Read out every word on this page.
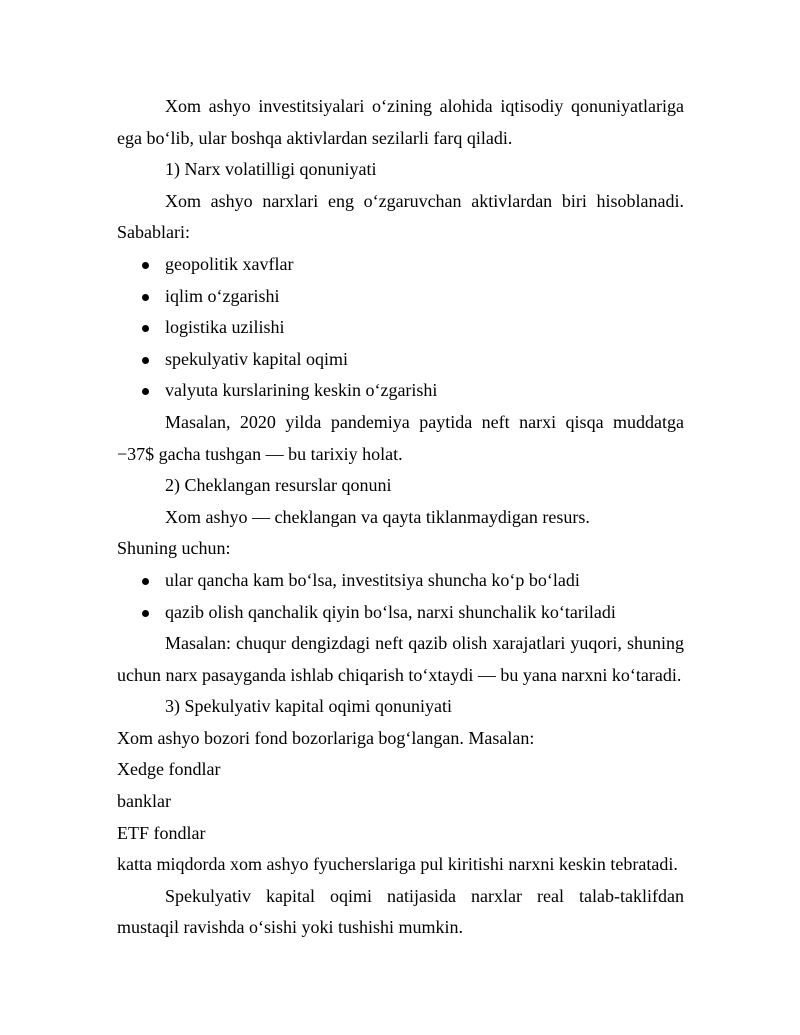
Xom ashyo investitsiyalari o‘zining alohida iqtisodiy qonuniyatlariga
ega bo‘lib, ular boshqa aktivlardan sezilarli farq qiladi.
1) Narx volatilligi qonuniyati
Xom ashyo narxlari eng o‘zgaruvchan aktivlardan biri hisoblanadi.
Sabablari:
geopolitik xavflar
iqlim o‘zgarishi
logistika uzilishi
spekulyativ kapital oqimi
valyuta kurslarining keskin o‘zgarishi
Masalan, 2020 yilda pandemiya paytida neft narxi qisqa muddatga
−37$ gacha tushgan — bu tarixiy holat.
2) Cheklangan resurslar qonuni
Xom ashyo — cheklangan va qayta tiklanmaydigan resurs.
Shuning uchun:
ular qancha kam bo‘lsa, investitsiya shuncha ko‘p bo‘ladi
qazib olish qanchalik qiyin bo‘lsa, narxi shunchalik ko‘tariladi
Masalan: chuqur dengizdagi neft qazib olish xarajatlari yuqori, shuning
uchun narx pasayganda ishlab chiqarish to‘xtaydi — bu yana narxni ko‘taradi.
3) Spekulyativ kapital oqimi qonuniyati
Xom ashyo bozori fond bozorlariga bog‘langan. Masalan:
Xedge fondlar
banklar
ETF fondlar
katta miqdorda xom ashyo fyucherslariga pul kiritishi narxni keskin tebratadi.
Spekulyativ kapital oqimi natijasida narxlar real talab-taklifdan
mustaqil ravishda o‘sishi yoki tushishi mumkin.
